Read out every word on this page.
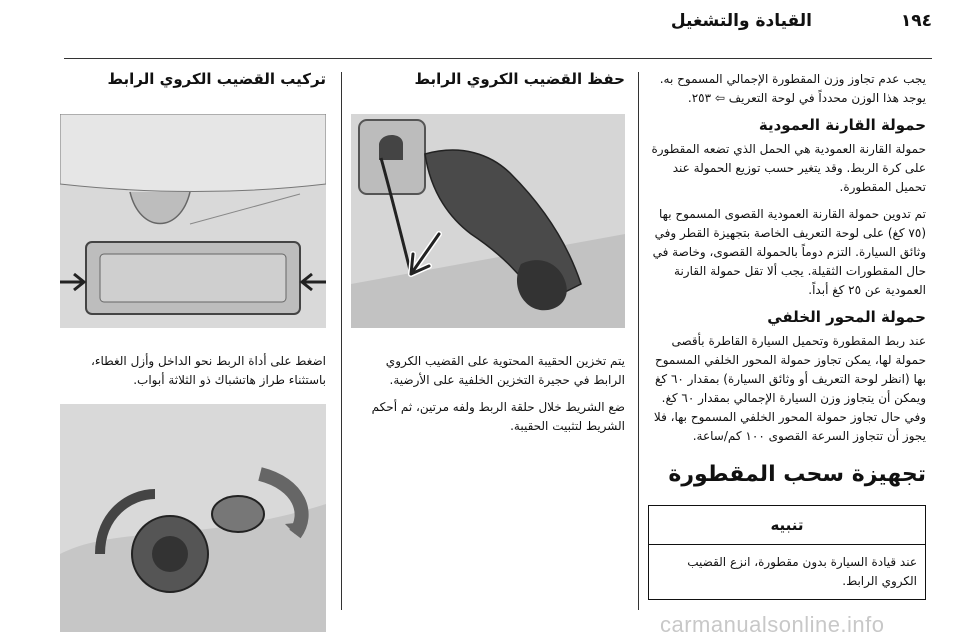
القيادة والتشغيل	١٩٤

يجب عدم تجاوز وزن المقطورة الإجمالي المسموح به. يوجد هذا الوزن محدداً في لوحة التعريف ⇦ ٢٥٣.

حمولة القارنة العمودية

حمولة القارنة العمودية هي الحمل الذي تضعه المقطورة على كرة الربط. وقد يتغير حسب توزيع الحمولة عند تحميل المقطورة.

تم تدوين حمولة القارنة العمودية القصوى المسموح بها (٧٥ كغ) على لوحة التعريف الخاصة بتجهيزة القطر وفي وثائق السيارة. التزم دوماً بالحمولة القصوى، وخاصة في حال المقطورات الثقيلة. يجب ألا تقل حمولة القارنة العمودية عن ٢٥ كغ أبداً.

حمولة المحور الخلفي

عند ربط المقطورة وتحميل السيارة القاطرة بأقصى حمولة لها، يمكن تجاوز حمولة المحور الخلفي المسموح بها (انظر لوحة التعريف أو وثائق السيارة) بمقدار ٦٠ كغ ويمكن أن يتجاوز وزن السيارة الإجمالي بمقدار ٦٠ كغ. وفي حال تجاوز حمولة المحور الخلفي المسموح بها، فلا يجوز أن تتجاوز السرعة القصوى ١٠٠ كم/ساعة.

تجهيزة سحب المقطورة
تنبيه
عند قيادة السيارة بدون مقطورة، انزع القضيب الكروي الرابط.
حفظ القضيب الكروي الرابط

يتم تخزين الحقيبة المحتوية على القضيب الكروي الرابط في حجيرة التخزين الخلفية على الأرضية.

ضع الشريط خلال حلقة الربط ولفه مرتين، ثم أحكم الشريط لتثبيت الحقيبة.

تركيب القضيب الكروي الرابط

اضغط على أداة الربط نحو الداخل وأزل الغطاء، باستثناء طراز هاتشباك ذو الثلاثة أبواب.

carmanualsonline.info
